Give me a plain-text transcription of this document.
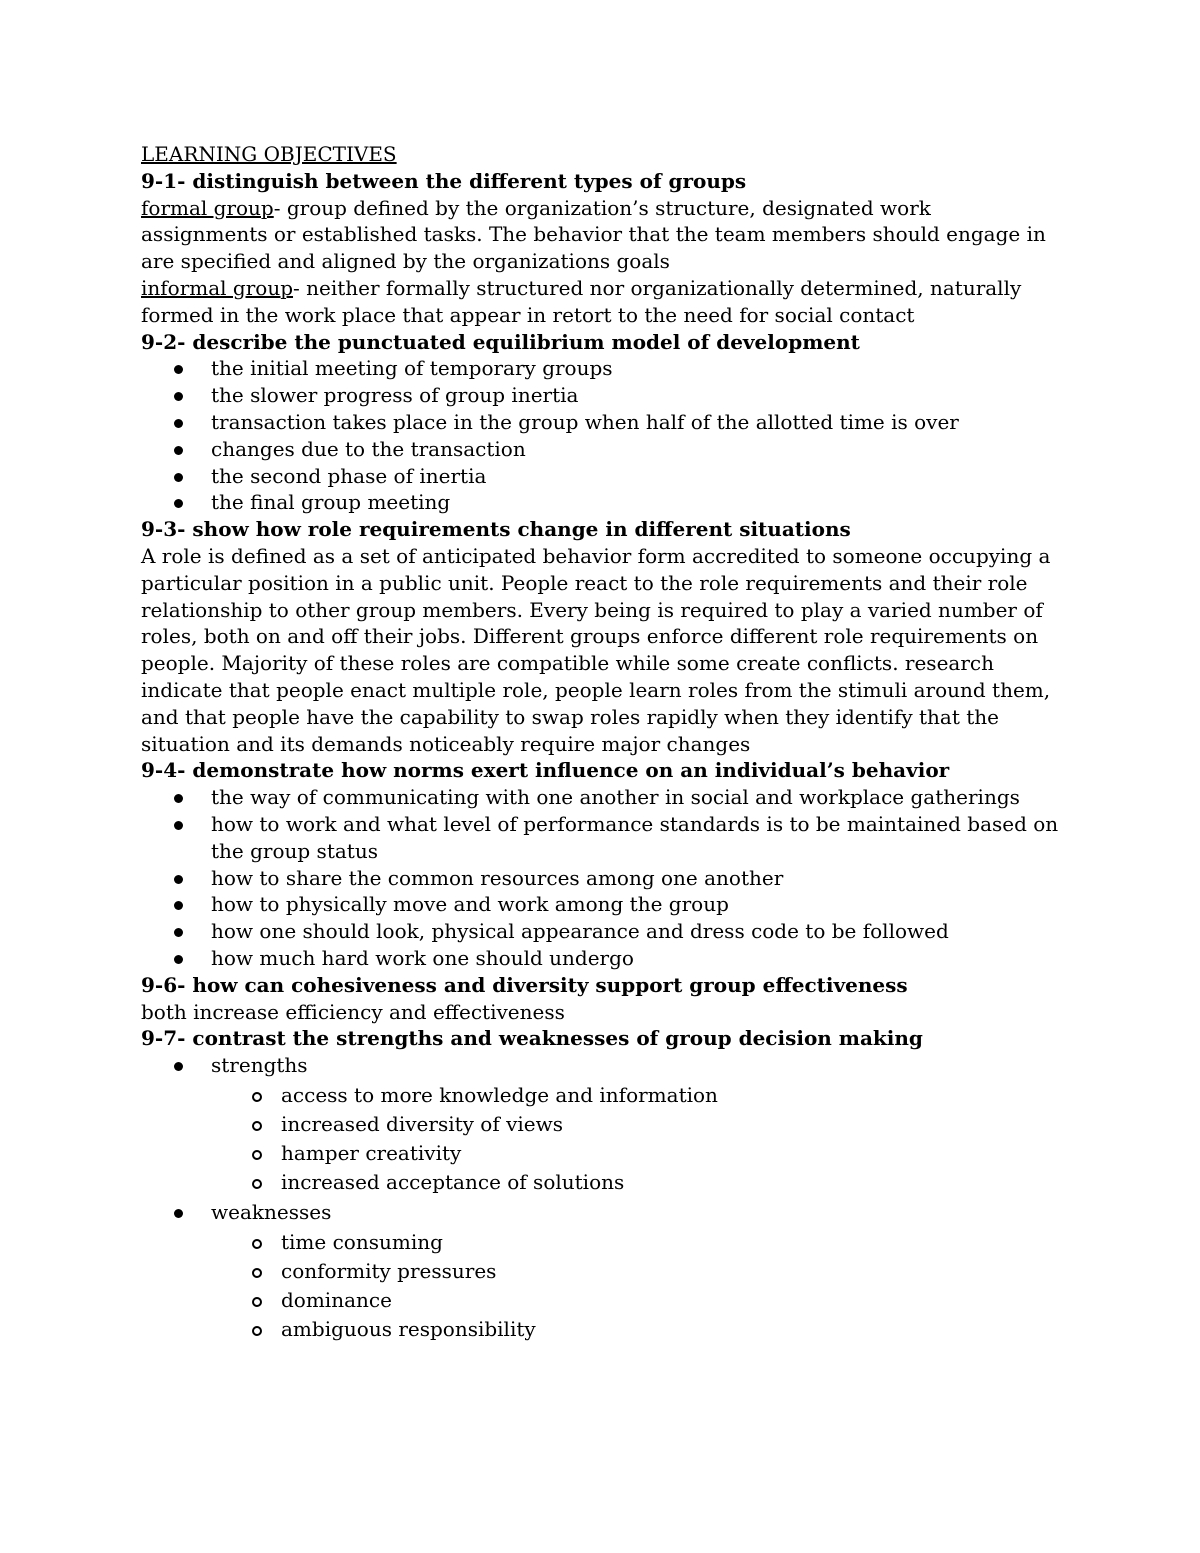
LEARNING OBJECTIVES

9-1- distinguish between the different types of groups

formal group- group defined by the organization’s structure, designated work assignments or established tasks. The behavior that the team members should engage in are specified and aligned by the organizations goals

informal group- neither formally structured nor organizationally determined, naturally formed in the work place that appear in retort to the need for social contact

9-2- describe the punctuated equilibrium model of development

the initial meeting of temporary groups
the slower progress of group inertia
transaction takes place in the group when half of the allotted time is over
changes due to the transaction
the second phase of inertia
the final group meeting

9-3- show how role requirements change in different situations

A role is defined as a set of anticipated behavior form accredited to someone occupying a particular position in a public unit. People react to the role requirements and their role relationship to other group members. Every being is required to play a varied number of roles, both on and off their jobs. Different groups enforce different role requirements on people. Majority of these roles are compatible while some create conflicts. research indicate that people enact multiple role, people learn roles from the stimuli around them, and that people have the capability to swap roles rapidly when they identify that the situation and its demands noticeably require major changes

9-4- demonstrate how norms exert influence on an individual’s behavior

the way of communicating with one another in social and workplace gatherings
how to work and what level of performance standards is to be maintained based on the group status
how to share the common resources among one another
how to physically move and work among the group
how one should look, physical appearance and dress code to be followed
how much hard work one should undergo

9-6- how can cohesiveness and diversity support group effectiveness

both increase efficiency and effectiveness

9-7- contrast the strengths and weaknesses of group decision making

strengths
access to more knowledge and information
increased diversity of views
hamper creativity
increased acceptance of solutions
weaknesses
time consuming
conformity pressures
dominance
ambiguous responsibility
